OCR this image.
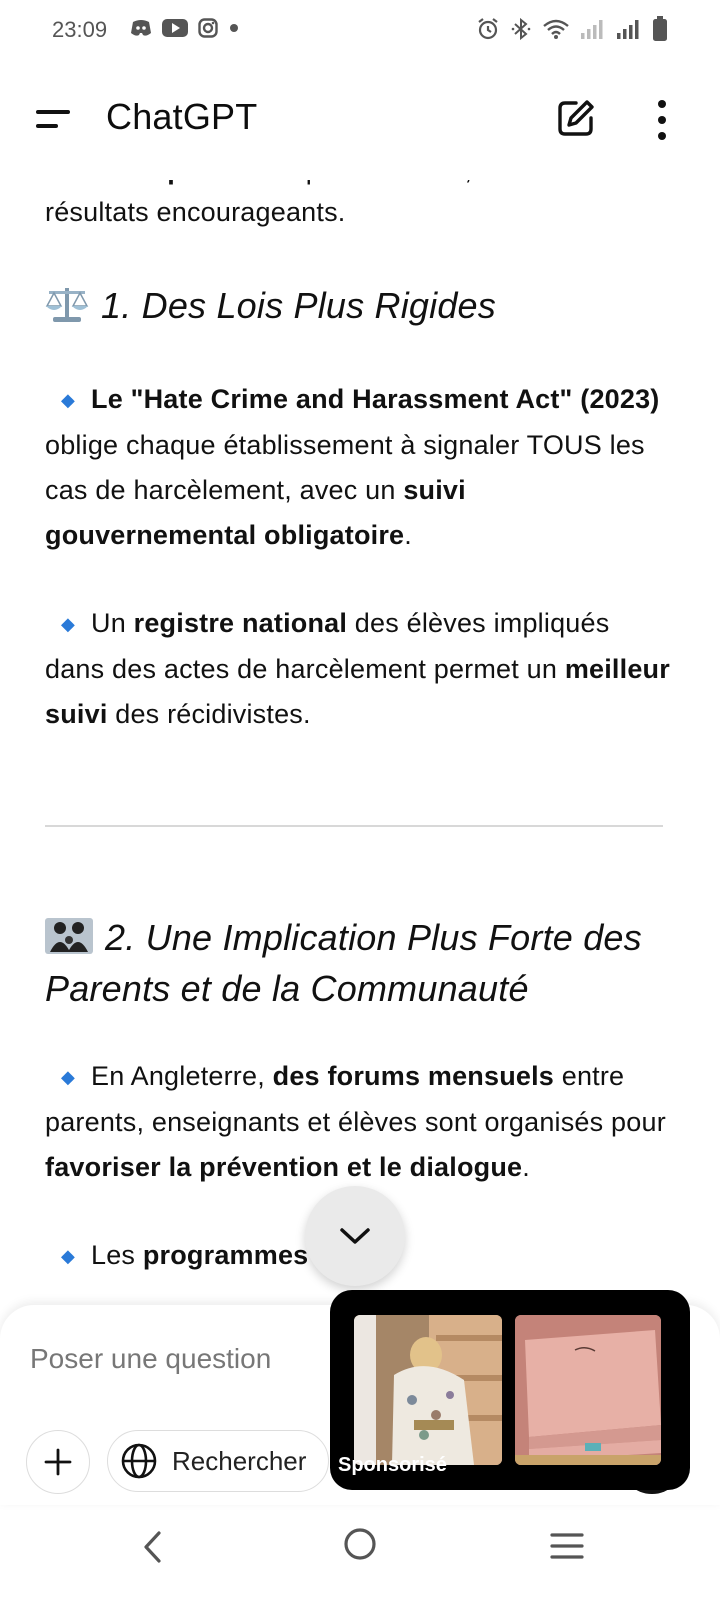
23:09

résultats encourageants.

1. Des Lois Plus Rigides

◆ Le "Hate Crime and Harassment Act" (2023) oblige chaque établissement à signaler TOUS les cas de harcèlement, avec un suivi gouvernemental obligatoire.

◆ Un registre national des élèves impliqués dans des actes de harcèlement permet un meilleur suivi des récidivistes.

2. Une Implication Plus Forte des Parents et de la Communauté

◆ En Angleterre, des forums mensuels entre parents, enseignants et élèves sont organisés pour favoriser la prévention et le dialogue.

◆ Les programmes

ChatGPT
Poser une question
Rechercher Sponsorisé
